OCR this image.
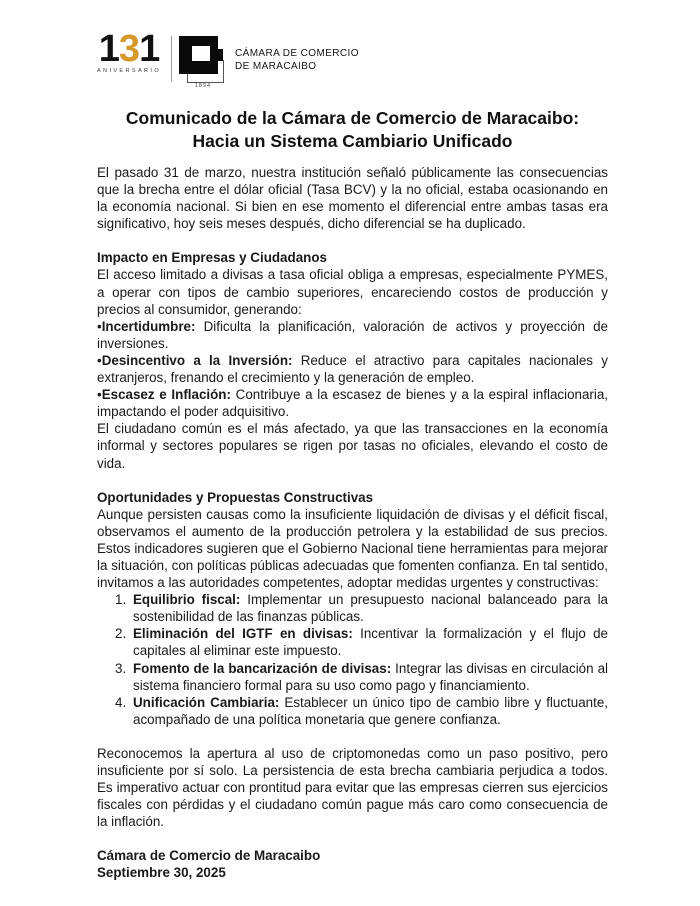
131
ANIVERSARIO
1894
CÁMARA DE COMERCIO
DE MARACAIBO
Comunicado de la Cámara de Comercio de Maracaibo:
Hacia un Sistema Cambiario Unificado

El pasado 31 de marzo, nuestra institución señaló públicamente las consecuencias que la brecha entre el dólar oficial (Tasa BCV) y la no oficial, estaba ocasionando en la economía nacional. Si bien en ese momento el diferencial entre ambas tasas era significativo, hoy seis meses después, dicho diferencial se ha duplicado.

Impacto en Empresas y Ciudadanos

El acceso limitado a divisas a tasa oficial obliga a empresas, especialmente PYMES, a operar con tipos de cambio superiores, encareciendo costos de producción y precios al consumidor, generando:

•Incertidumbre: Dificulta la planificación, valoración de activos y proyección de inversiones.

•Desincentivo a la Inversión: Reduce el atractivo para capitales nacionales y extranjeros, frenando el crecimiento y la generación de empleo.

•Escasez e Inflación: Contribuye a la escasez de bienes y a la espiral inflacionaria, impactando el poder adquisitivo.

El ciudadano común es el más afectado, ya que las transacciones en la economía informal y sectores populares se rigen por tasas no oficiales, elevando el costo de vida.

Oportunidades y Propuestas Constructivas

Aunque persisten causas como la insuficiente liquidación de divisas y el déficit fiscal, observamos el aumento de la producción petrolera y la estabilidad de sus precios. Estos indicadores sugieren que el Gobierno Nacional tiene herramientas para mejorar la situación, con políticas públicas adecuadas que fomenten confianza. En tal sentido, invitamos a las autoridades competentes, adoptar medidas urgentes y constructivas:

1. Equilibrio fiscal: Implementar un presupuesto nacional balanceado para la sostenibilidad de las finanzas públicas.
2. Eliminación del IGTF en divisas: Incentivar la formalización y el flujo de capitales al eliminar este impuesto.
3. Fomento de la bancarización de divisas: Integrar las divisas en circulación al sistema financiero formal para su uso como pago y financiamiento.
4. Unificación Cambiaria: Establecer un único tipo de cambio libre y fluctuante, acompañado de una política monetaria que genere confianza.

Reconocemos la apertura al uso de criptomonedas como un paso positivo, pero insuficiente por sí solo. La persistencia de esta brecha cambiaria perjudica a todos. Es imperativo actuar con prontitud para evitar que las empresas cierren sus ejercicios fiscales con pérdidas y el ciudadano común pague más caro como consecuencia de la inflación.

Cámara de Comercio de Maracaibo
Septiembre 30, 2025
